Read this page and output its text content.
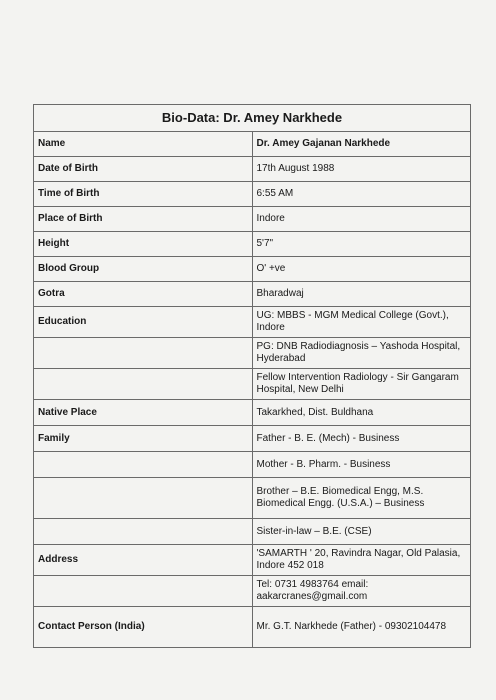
Bio-Data: Dr. Amey Narkhede	
Name	Dr. Amey Gajanan Narkhede
Date of Birth	17th August 1988
Time of Birth	6:55 AM
Place of Birth	Indore
Height	5'7"
Blood Group	O' +ve
Gotra	Bharadwaj
Education	UG: MBBS - MGM Medical College (Govt.), Indore
	PG: DNB Radiodiagnosis – Yashoda Hospital, Hyderabad
	Fellow Intervention Radiology - Sir Gangaram Hospital, New Delhi
Native Place	Takarkhed, Dist. Buldhana
Family	Father - B. E. (Mech) - Business
	Mother - B. Pharm. - Business
	Brother – B.E. Biomedical Engg, M.S. Biomedical Engg. (U.S.A.) – Business
	Sister-in-law – B.E. (CSE)
Address	'SAMARTH ' 20, Ravindra Nagar, Old Palasia, Indore 452 018
	Tel: 0731 4983764 email: aakarcranes@gmail.com
Contact Person (India)	Mr. G.T. Narkhede (Father) - 09302104478
